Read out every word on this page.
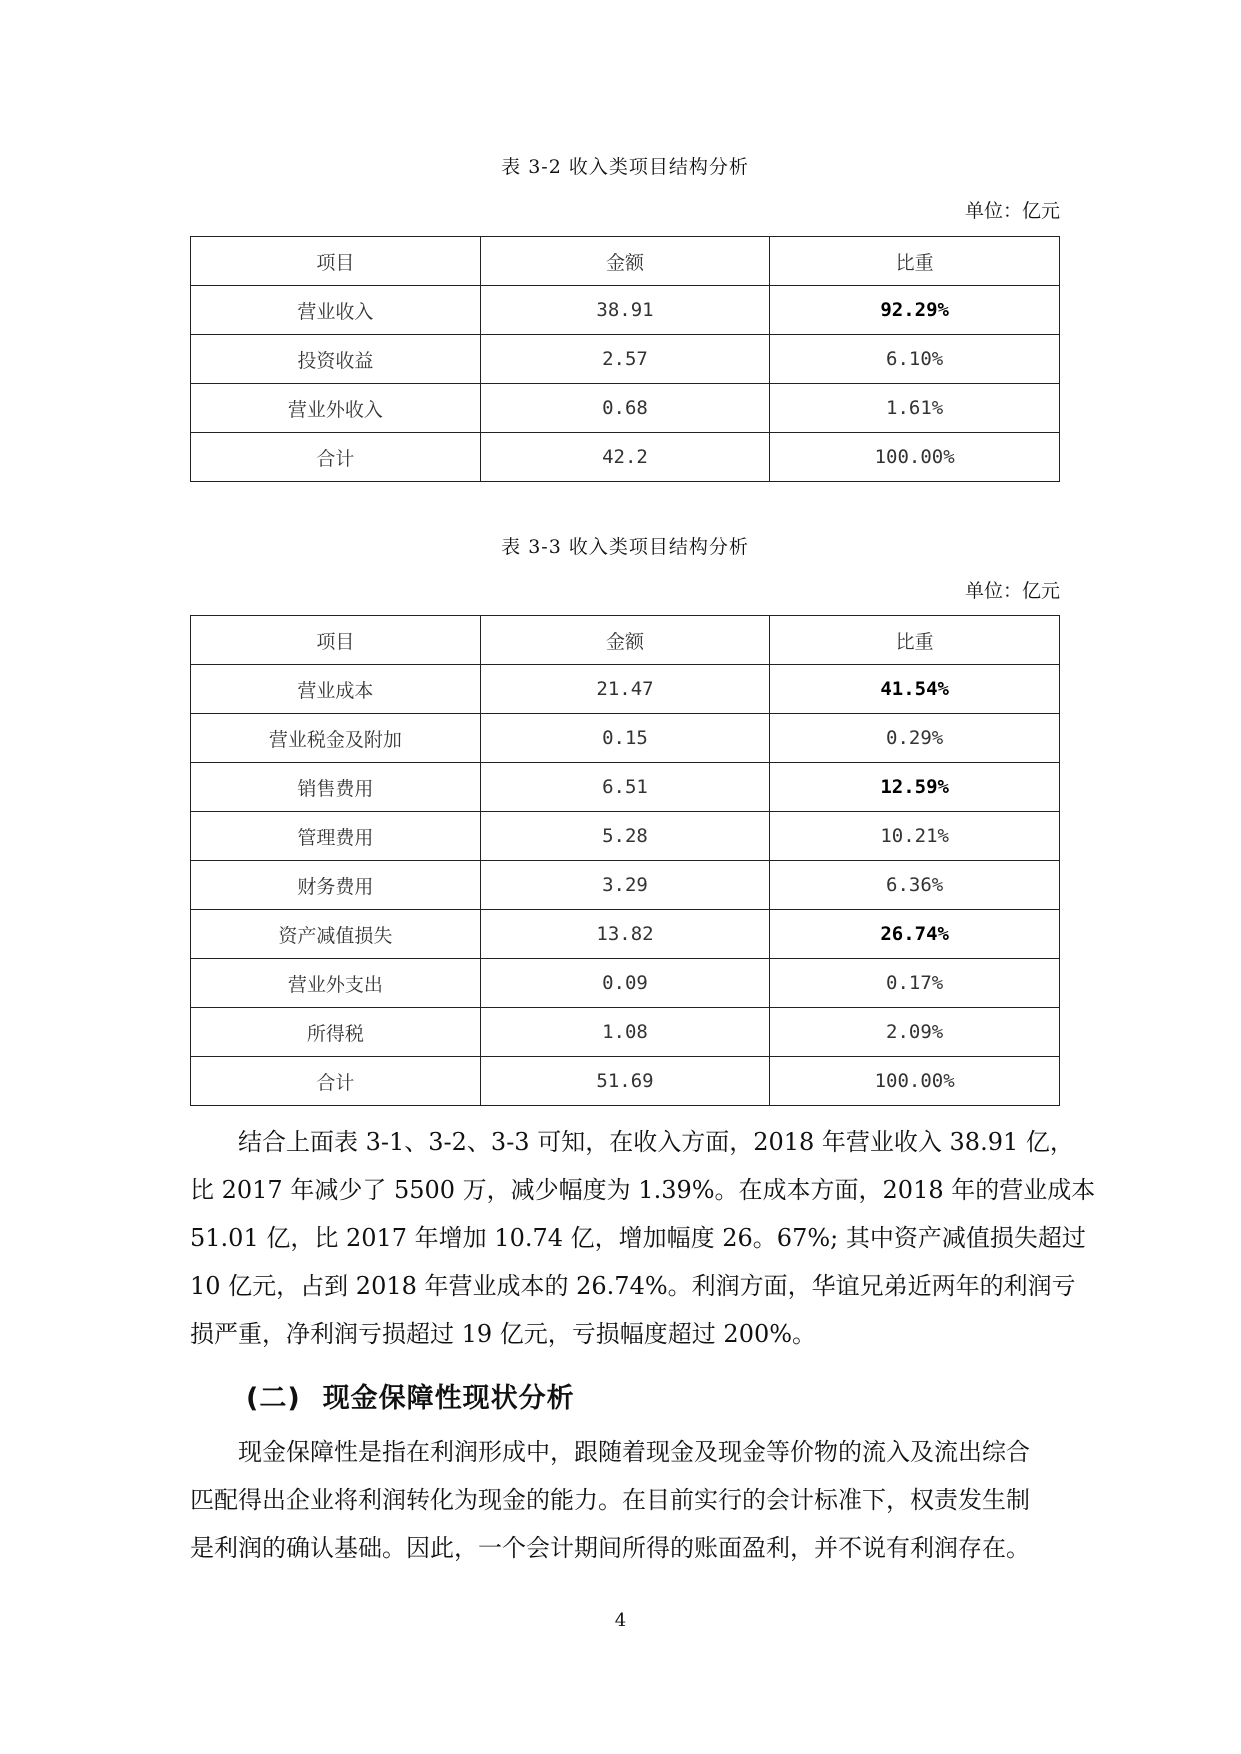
表 3-2 收入类项目结构分析
单位：亿元
项目	金额	比重
营业收入	38.91	92.29%
投资收益	2.57	6.10%
营业外收入	0.68	1.61%
合计	42.2	100.00%
表 3-3 收入类项目结构分析
单位：亿元
项目	金额	比重
营业成本	21.47	41.54%
营业税金及附加	0.15	0.29%
销售费用	6.51	12.59%
管理费用	5.28	10.21%
财务费用	3.29	6.36%
资产减值损失	13.82	26.74%
营业外支出	0.09	0.17%
所得税	1.08	2.09%
合计	51.69	100.00%
　　结合上面表 3-1、3-2、3-3 可知，在收入方面，2018 年营业收入 38.91 亿，
比 2017 年减少了 5500 万，减少幅度为 1.39%。在成本方面，2018 年的营业成本
51.01 亿，比 2017 年增加 10.74 亿，增加幅度 26。67%; 其中资产减值损失超过
10 亿元，占到 2018 年营业成本的 26.74%。利润方面，华谊兄弟近两年的利润亏
损严重，净利润亏损超过 19 亿元，亏损幅度超过 200%。
(二) 现金保障性现状分析
　　现金保障性是指在利润形成中，跟随着现金及现金等价物的流入及流出综合
匹配得出企业将利润转化为现金的能力。在目前实行的会计标准下，权责发生制
是利润的确认基础。因此，一个会计期间所得的账面盈利，并不说有利润存在。
4
